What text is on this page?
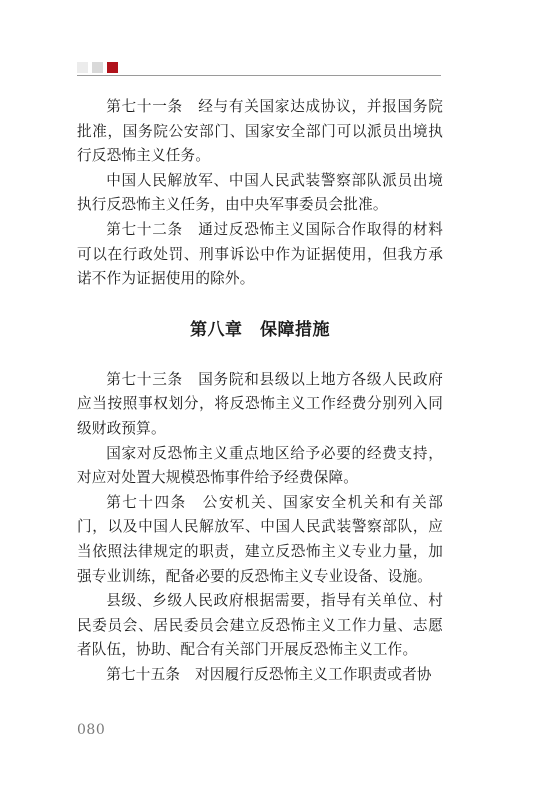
第七十一条　经与有关国家达成协议，并报国务院批准，国务院公安部门、国家安全部门可以派员出境执行反恐怖主义任务。

中国人民解放军、中国人民武装警察部队派员出境执行反恐怖主义任务，由中央军事委员会批准。

第七十二条　通过反恐怖主义国际合作取得的材料可以在行政处罚、刑事诉讼中作为证据使用，但我方承诺不作为证据使用的除外。

第八章　保障措施

第七十三条　国务院和县级以上地方各级人民政府应当按照事权划分，将反恐怖主义工作经费分别列入同级财政预算。

国家对反恐怖主义重点地区给予必要的经费支持，对应对处置大规模恐怖事件给予经费保障。

第七十四条　公安机关、国家安全机关和有关部门，以及中国人民解放军、中国人民武装警察部队，应当依照法律规定的职责，建立反恐怖主义专业力量，加强专业训练，配备必要的反恐怖主义专业设备、设施。

县级、乡级人民政府根据需要，指导有关单位、村民委员会、居民委员会建立反恐怖主义工作力量、志愿者队伍，协助、配合有关部门开展反恐怖主义工作。

第七十五条　对因履行反恐怖主义工作职责或者协

080
